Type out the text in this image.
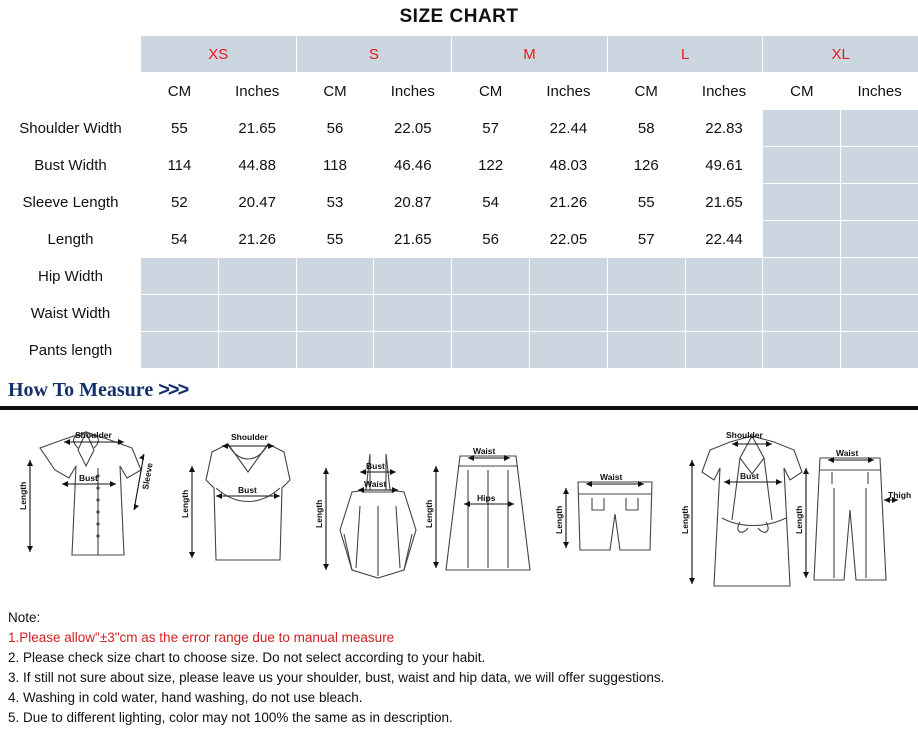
SIZE CHART
	XS		S		M		L		XL	
	CM	Inches	CM	Inches	CM	Inches	CM	Inches	CM	Inches
Shoulder Width	55	21.65	56	22.05	57	22.44	58	22.83		
Bust Width	114	44.88	118	46.46	122	48.03	126	49.61		
Sleeve Length	52	20.47	53	20.87	54	21.26	55	21.65		
Length	54	21.26	55	21.65	56	22.05	57	22.44		
Hip Width										
Waist Width										
Pants length										
How To Measure >>>
Shoulder
Bust	Sleeve
Length
Shoulder
Bust
Length
Bust
Waist
Length
Waist
Hips
Length
Waist
Length
Shoulder
Bust
Length
Waist
Thigh
Length
Note:
1.Please allow"±3"cm as the error range due to manual measure
2. Please check size chart to choose size. Do not select according to your habit.
3. If still not sure about size, please leave us your shoulder, bust, waist and hip data, we will offer suggestions.
4. Washing in cold water, hand washing, do not use bleach.
5. Due to different lighting, color may not 100% the same as in description.
